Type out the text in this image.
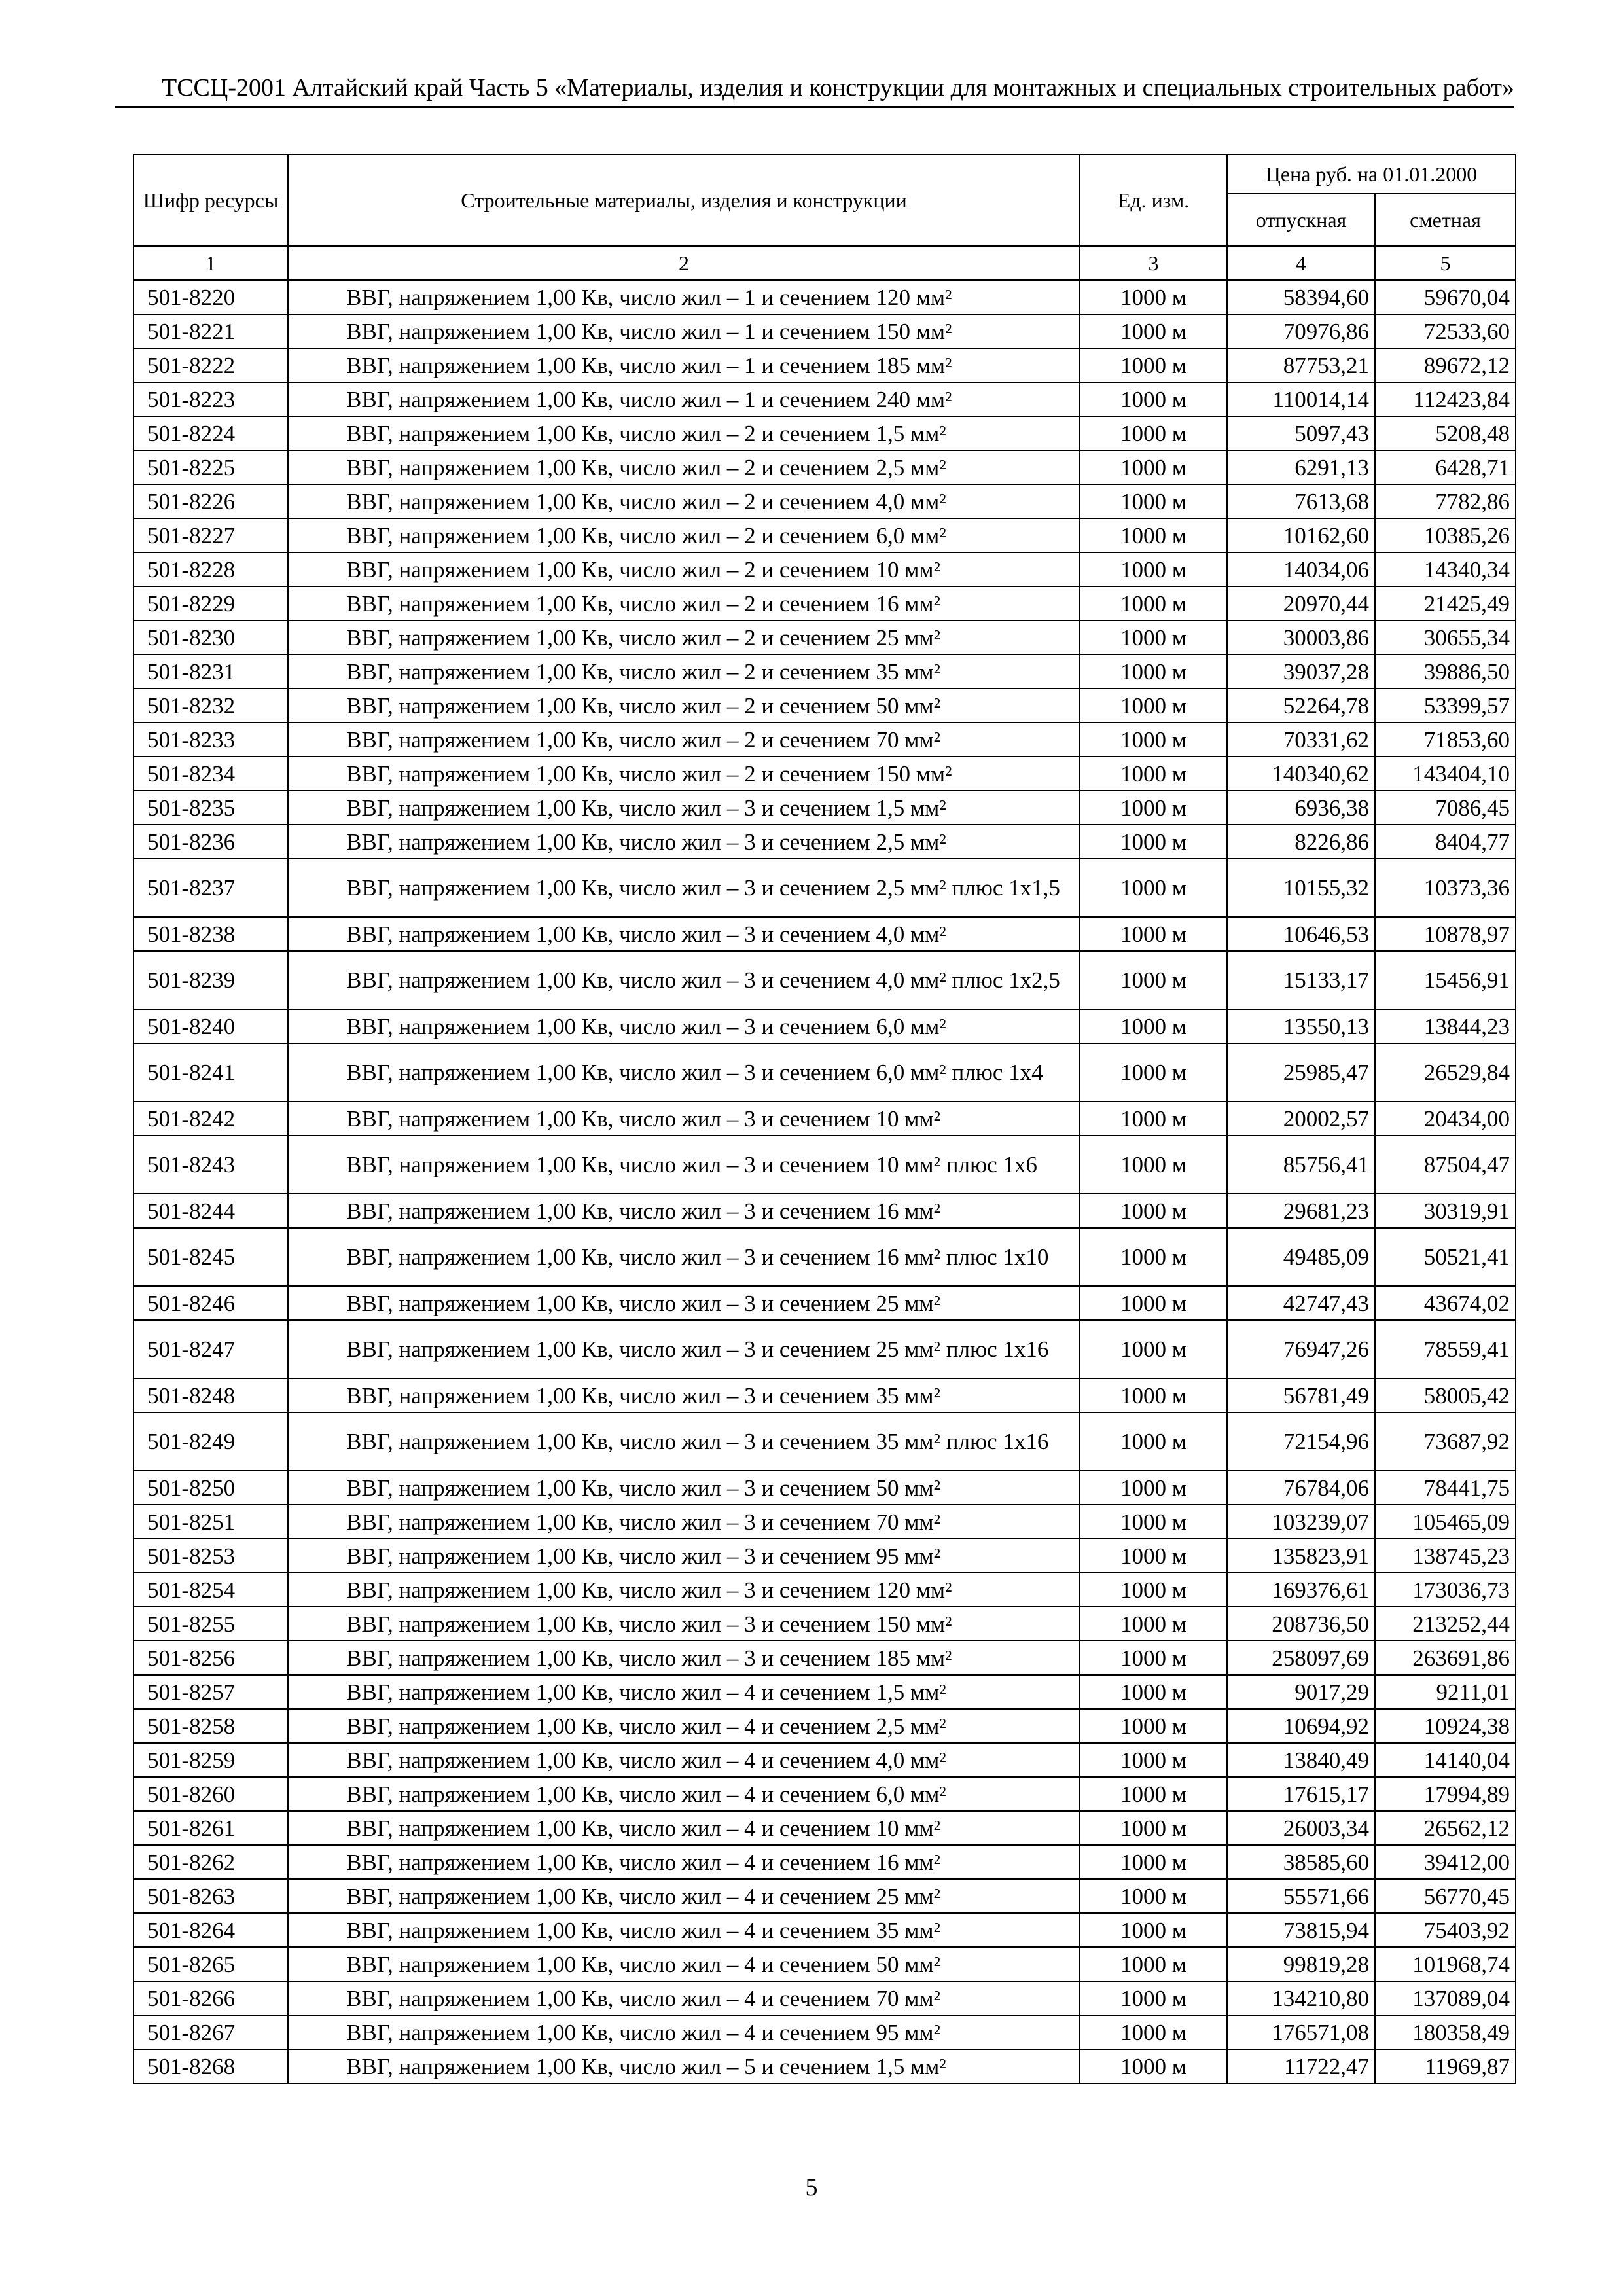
ТССЦ-2001 Алтайский край Часть 5 «Материалы, изделия и конструкции для монтажных и специальных строительных работ»
Шифр ресурсы	Строительные материалы, изделия и конструкции	Ед. изм.	Цена руб. на 01.01.2000	
			отпускная	сметная
1	2	3	4	5
501-8220	ВВГ, напряжением 1,00 Кв, число жил – 1 и сечением 120 мм²	1000 м	58394,60	59670,04
501-8221	ВВГ, напряжением 1,00 Кв, число жил – 1 и сечением 150 мм²	1000 м	70976,86	72533,60
501-8222	ВВГ, напряжением 1,00 Кв, число жил – 1 и сечением 185 мм²	1000 м	87753,21	89672,12
501-8223	ВВГ, напряжением 1,00 Кв, число жил – 1 и сечением 240 мм²	1000 м	110014,14	112423,84
501-8224	ВВГ, напряжением 1,00 Кв, число жил – 2 и сечением 1,5 мм²	1000 м	5097,43	5208,48
501-8225	ВВГ, напряжением 1,00 Кв, число жил – 2 и сечением 2,5 мм²	1000 м	6291,13	6428,71
501-8226	ВВГ, напряжением 1,00 Кв, число жил – 2 и сечением 4,0 мм²	1000 м	7613,68	7782,86
501-8227	ВВГ, напряжением 1,00 Кв, число жил – 2 и сечением 6,0 мм²	1000 м	10162,60	10385,26
501-8228	ВВГ, напряжением 1,00 Кв, число жил – 2 и сечением 10 мм²	1000 м	14034,06	14340,34
501-8229	ВВГ, напряжением 1,00 Кв, число жил – 2 и сечением 16 мм²	1000 м	20970,44	21425,49
501-8230	ВВГ, напряжением 1,00 Кв, число жил – 2 и сечением 25 мм²	1000 м	30003,86	30655,34
501-8231	ВВГ, напряжением 1,00 Кв, число жил – 2 и сечением 35 мм²	1000 м	39037,28	39886,50
501-8232	ВВГ, напряжением 1,00 Кв, число жил – 2 и сечением 50 мм²	1000 м	52264,78	53399,57
501-8233	ВВГ, напряжением 1,00 Кв, число жил – 2 и сечением 70 мм²	1000 м	70331,62	71853,60
501-8234	ВВГ, напряжением 1,00 Кв, число жил – 2 и сечением 150 мм²	1000 м	140340,62	143404,10
501-8235	ВВГ, напряжением 1,00 Кв, число жил – 3 и сечением 1,5 мм²	1000 м	6936,38	7086,45
501-8236	ВВГ, напряжением 1,00 Кв, число жил – 3 и сечением 2,5 мм²	1000 м	8226,86	8404,77
501-8237	ВВГ, напряжением 1,00 Кв, число жил – 3 и сечением 2,5 мм² плюс 1х1,5	1000 м	10155,32	10373,36
501-8238	ВВГ, напряжением 1,00 Кв, число жил – 3 и сечением 4,0 мм²	1000 м	10646,53	10878,97
501-8239	ВВГ, напряжением 1,00 Кв, число жил – 3 и сечением 4,0 мм² плюс 1х2,5	1000 м	15133,17	15456,91
501-8240	ВВГ, напряжением 1,00 Кв, число жил – 3 и сечением 6,0 мм²	1000 м	13550,13	13844,23
501-8241	ВВГ, напряжением 1,00 Кв, число жил – 3 и сечением 6,0 мм² плюс 1х4	1000 м	25985,47	26529,84
501-8242	ВВГ, напряжением 1,00 Кв, число жил – 3 и сечением 10 мм²	1000 м	20002,57	20434,00
501-8243	ВВГ, напряжением 1,00 Кв, число жил – 3 и сечением 10 мм² плюс 1х6	1000 м	85756,41	87504,47
501-8244	ВВГ, напряжением 1,00 Кв, число жил – 3 и сечением 16 мм²	1000 м	29681,23	30319,91
501-8245	ВВГ, напряжением 1,00 Кв, число жил – 3 и сечением 16 мм² плюс 1х10	1000 м	49485,09	50521,41
501-8246	ВВГ, напряжением 1,00 Кв, число жил – 3 и сечением 25 мм²	1000 м	42747,43	43674,02
501-8247	ВВГ, напряжением 1,00 Кв, число жил – 3 и сечением 25 мм² плюс 1х16	1000 м	76947,26	78559,41
501-8248	ВВГ, напряжением 1,00 Кв, число жил – 3 и сечением 35 мм²	1000 м	56781,49	58005,42
501-8249	ВВГ, напряжением 1,00 Кв, число жил – 3 и сечением 35 мм² плюс 1х16	1000 м	72154,96	73687,92
501-8250	ВВГ, напряжением 1,00 Кв, число жил – 3 и сечением 50 мм²	1000 м	76784,06	78441,75
501-8251	ВВГ, напряжением 1,00 Кв, число жил – 3 и сечением 70 мм²	1000 м	103239,07	105465,09
501-8253	ВВГ, напряжением 1,00 Кв, число жил – 3 и сечением 95 мм²	1000 м	135823,91	138745,23
501-8254	ВВГ, напряжением 1,00 Кв, число жил – 3 и сечением 120 мм²	1000 м	169376,61	173036,73
501-8255	ВВГ, напряжением 1,00 Кв, число жил – 3 и сечением 150 мм²	1000 м	208736,50	213252,44
501-8256	ВВГ, напряжением 1,00 Кв, число жил – 3 и сечением 185 мм²	1000 м	258097,69	263691,86
501-8257	ВВГ, напряжением 1,00 Кв, число жил – 4 и сечением 1,5 мм²	1000 м	9017,29	9211,01
501-8258	ВВГ, напряжением 1,00 Кв, число жил – 4 и сечением 2,5 мм²	1000 м	10694,92	10924,38
501-8259	ВВГ, напряжением 1,00 Кв, число жил – 4 и сечением 4,0 мм²	1000 м	13840,49	14140,04
501-8260	ВВГ, напряжением 1,00 Кв, число жил – 4 и сечением 6,0 мм²	1000 м	17615,17	17994,89
501-8261	ВВГ, напряжением 1,00 Кв, число жил – 4 и сечением 10 мм²	1000 м	26003,34	26562,12
501-8262	ВВГ, напряжением 1,00 Кв, число жил – 4 и сечением 16 мм²	1000 м	38585,60	39412,00
501-8263	ВВГ, напряжением 1,00 Кв, число жил – 4 и сечением 25 мм²	1000 м	55571,66	56770,45
501-8264	ВВГ, напряжением 1,00 Кв, число жил – 4 и сечением 35 мм²	1000 м	73815,94	75403,92
501-8265	ВВГ, напряжением 1,00 Кв, число жил – 4 и сечением 50 мм²	1000 м	99819,28	101968,74
501-8266	ВВГ, напряжением 1,00 Кв, число жил – 4 и сечением 70 мм²	1000 м	134210,80	137089,04
501-8267	ВВГ, напряжением 1,00 Кв, число жил – 4 и сечением 95 мм²	1000 м	176571,08	180358,49
501-8268	ВВГ, напряжением 1,00 Кв, число жил – 5 и сечением 1,5 мм²	1000 м	11722,47	11969,87
5
